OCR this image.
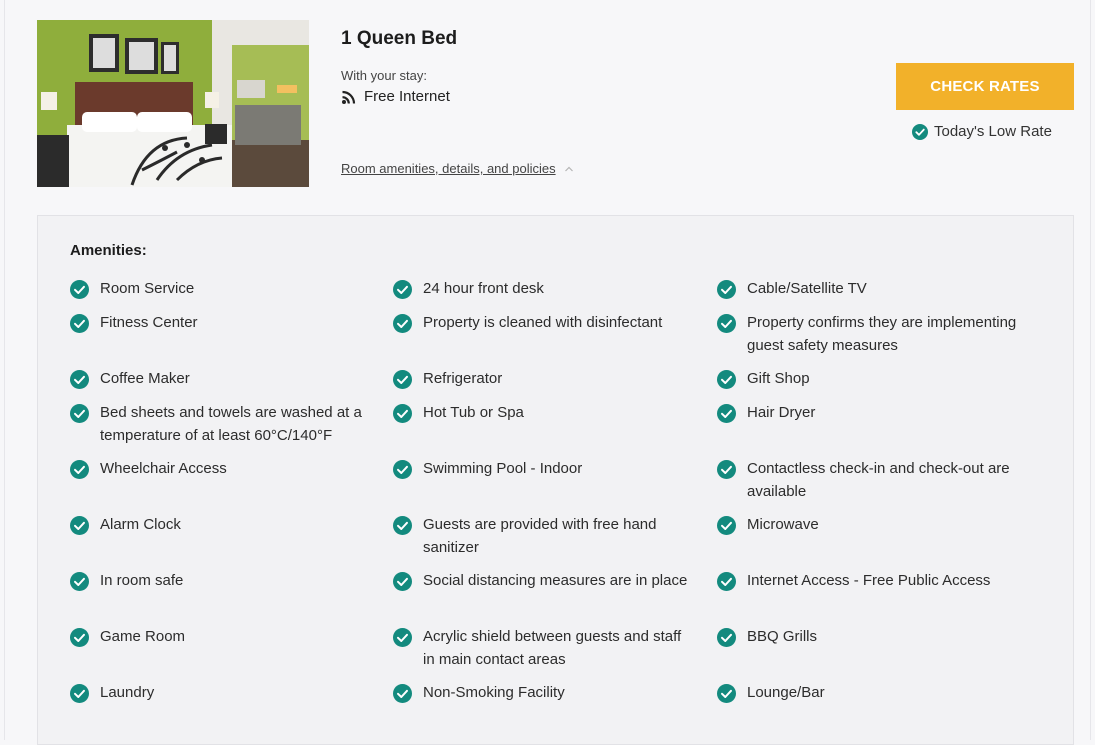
1 Queen Bed
With your stay:
Free Internet
Room amenities, details, and policies
CHECK RATES
Today's Low Rate
Amenities:
Room Service
Fitness Center
Coffee Maker
Bed sheets and towels are washed at a temperature of at least 60°C/140°F
Wheelchair Access
Alarm Clock
In room safe
Game Room
Laundry
24 hour front desk
Property is cleaned with disinfectant
Refrigerator
Hot Tub or Spa
Swimming Pool - Indoor
Guests are provided with free hand sanitizer
Social distancing measures are in place
Acrylic shield between guests and staff in main contact areas
Non-Smoking Facility
Cable/Satellite TV
Property confirms they are implementing guest safety measures
Gift Shop
Hair Dryer
Contactless check-in and check-out are available
Microwave
Internet Access - Free Public Access
BBQ Grills
Lounge/Bar
